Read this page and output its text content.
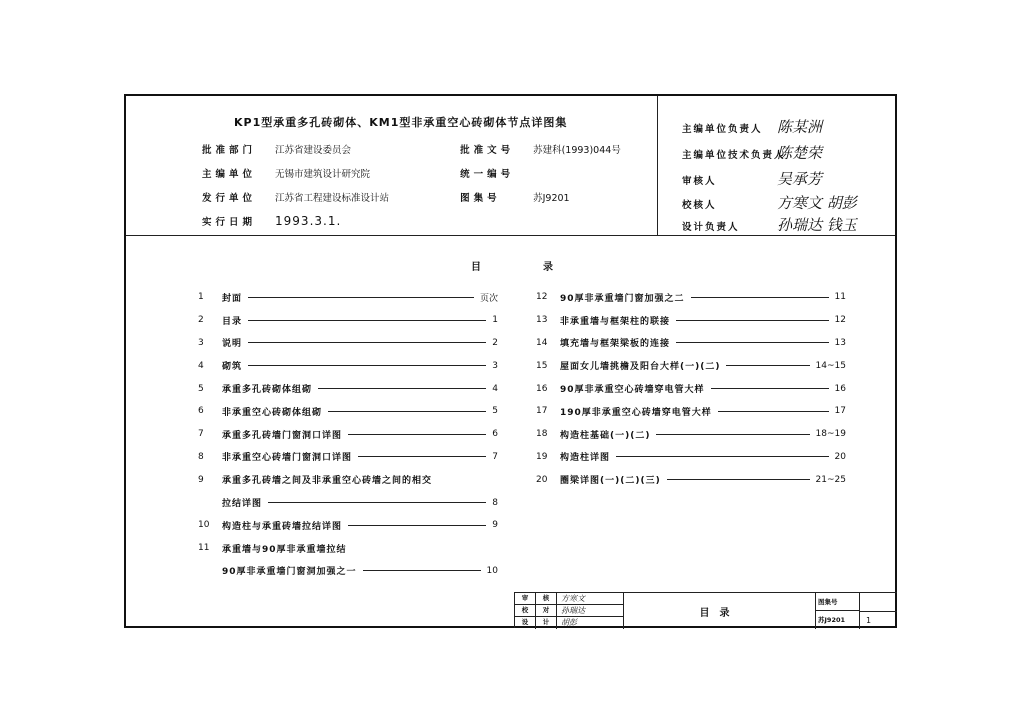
KP1型承重多孔砖砌体、KM1型非承重空心砖砌体节点详图集
批准部门 江苏省建设委员会	批准文号 苏建科(1993)044号
主编单位 无锡市建筑设计研究院	统一编号
发行单位 江苏省工程建设标准设计站	图集号	苏J9201
实行日期 1993.3.1.
主编单位负责人 陈某洲
主编单位技术负责人 陈楚荣
审核人	吴承芳
校核人	方寒文 胡彭
设计负责人	孙瑞达 钱玉
目	录
1	封面	页次
2	目录	1
3	说明	2
4	砌筑	3
5	承重多孔砖砌体组砌	4
6	非承重空心砖砌体组砌	5
7	承重多孔砖墙门窗洞口详图	6
8	非承重空心砖墙门窗洞口详图	7
9	承重多孔砖墙之间及非承重空心砖墙之间的相交
拉结详图	8
10	构造柱与承重砖墙拉结详图	9
11	承重墙与90厚非承重墙拉结
90厚非承重墙门窗洞加强之一	10
12	90厚非承重墙门窗加强之二	11
13	非承重墙与框架柱的联接	12
14	填充墙与框架梁板的连接	13
15	屋面女儿墙挑檐及阳台大样(一)(二)	14~15
16	90厚非承重空心砖墙穿电管大样	16
17	190厚非承重空心砖墙穿电管大样	17
18	构造柱基础(一)(二)	18~19
19	构造柱详图	20
20	圈梁详图(一)(二)(三)	21~25
审	核	方寒文
校	对	孙瑞达
设	计	胡彭
目录
图集号
苏J9201	1
